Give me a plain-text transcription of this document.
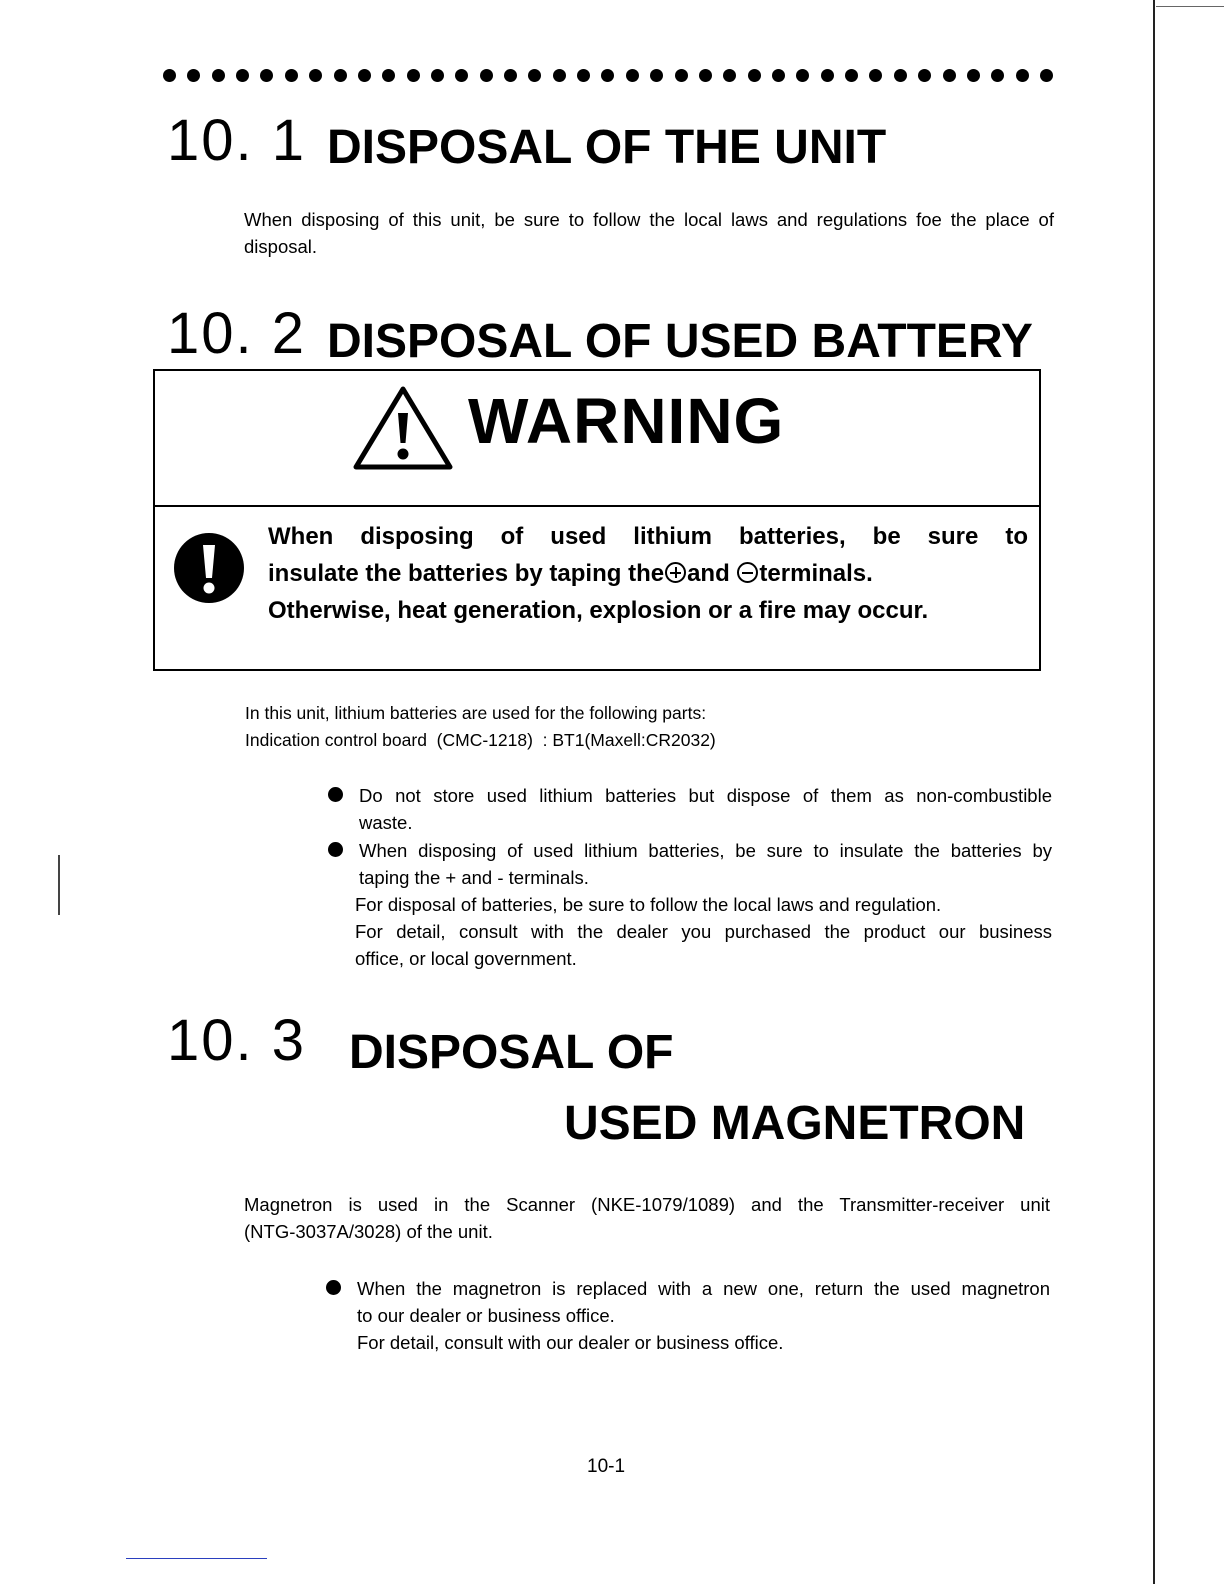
10. 1 DISPOSAL OF THE UNIT
When disposing of this unit, be sure to follow the local laws and regulations foe the place of disposal.
10. 2 DISPOSAL OF USED BATTERY
WARNING
When disposing of used lithium batteries, be sure to
insulate the batteries by taping the and terminals.
Otherwise, heat generation, explosion or a fire may occur.
In this unit, lithium batteries are used for the following parts:
Indication control board  (CMC-1218)  : BT1(Maxell:CR2032)
Do not store used lithium batteries but dispose of them as non-combustible
waste.
When disposing of used lithium batteries, be sure to insulate the batteries by
taping the + and - terminals.
For disposal of batteries, be sure to follow the local laws and regulation.
For detail, consult with the dealer you purchased the product our business
office, or local government.
10. 3 DISPOSAL OF
USED MAGNETRON
Magnetron is used in the Scanner (NKE-1079/1089) and the Transmitter-receiver unit
(NTG-3037A/3028) of the unit.
When the magnetron is replaced with a new one, return the used magnetron
to our dealer or business office.
For detail, consult with our dealer or business office.
10-1
